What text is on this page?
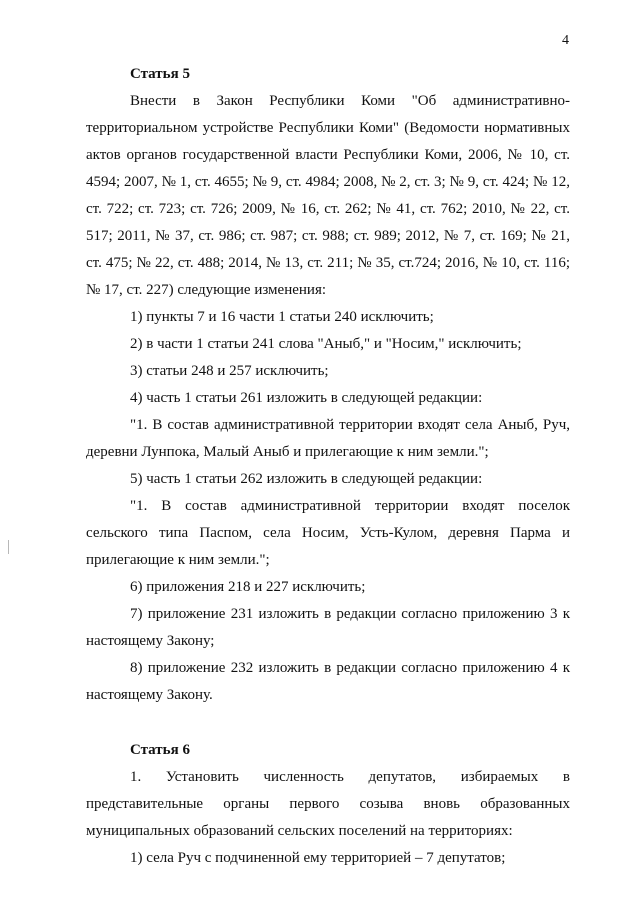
4
Статья 5

Внести в Закон Республики Коми "Об административно-территориальном устройстве Республики Коми" (Ведомости нормативных актов органов государственной власти Республики Коми, 2006, № 10, ст. 4594; 2007, № 1, ст. 4655; № 9, ст. 4984; 2008, № 2, ст. 3; № 9, ст. 424; № 12, ст. 722; ст. 723; ст. 726; 2009, № 16, ст. 262; № 41, ст. 762; 2010, № 22, ст. 517; 2011, № 37, ст. 986; ст. 987; ст. 988; ст. 989; 2012, № 7, ст. 169; № 21, ст. 475; № 22, ст. 488; 2014, № 13, ст. 211; № 35, ст.724; 2016, № 10, ст. 116; № 17, ст. 227) следующие изменения:

1) пункты 7 и 16 части 1 статьи 240 исключить;

2) в части 1 статьи 241 слова "Аныб," и "Носим," исключить;

3) статьи 248 и 257 исключить;

4) часть 1 статьи 261 изложить в следующей редакции:

"1. В состав административной территории входят села Аныб, Руч, деревни Лунпока, Малый Аныб и прилегающие к ним земли.";

5) часть 1 статьи 262 изложить в следующей редакции:

"1. В состав административной территории входят поселок сельского типа Паспом, села Носим, Усть-Кулом, деревня Парма и прилегающие к ним земли.";

6) приложения 218 и 227 исключить;

7) приложение 231 изложить в редакции согласно приложению 3 к настоящему Закону;

8) приложение 232 изложить в редакции согласно приложению 4 к настоящему Закону.

Статья 6

1. Установить численность депутатов, избираемых в представительные органы первого созыва вновь образованных муниципальных образований сельских поселений на территориях:

1) села Руч с подчиненной ему территорией – 7 депутатов;
